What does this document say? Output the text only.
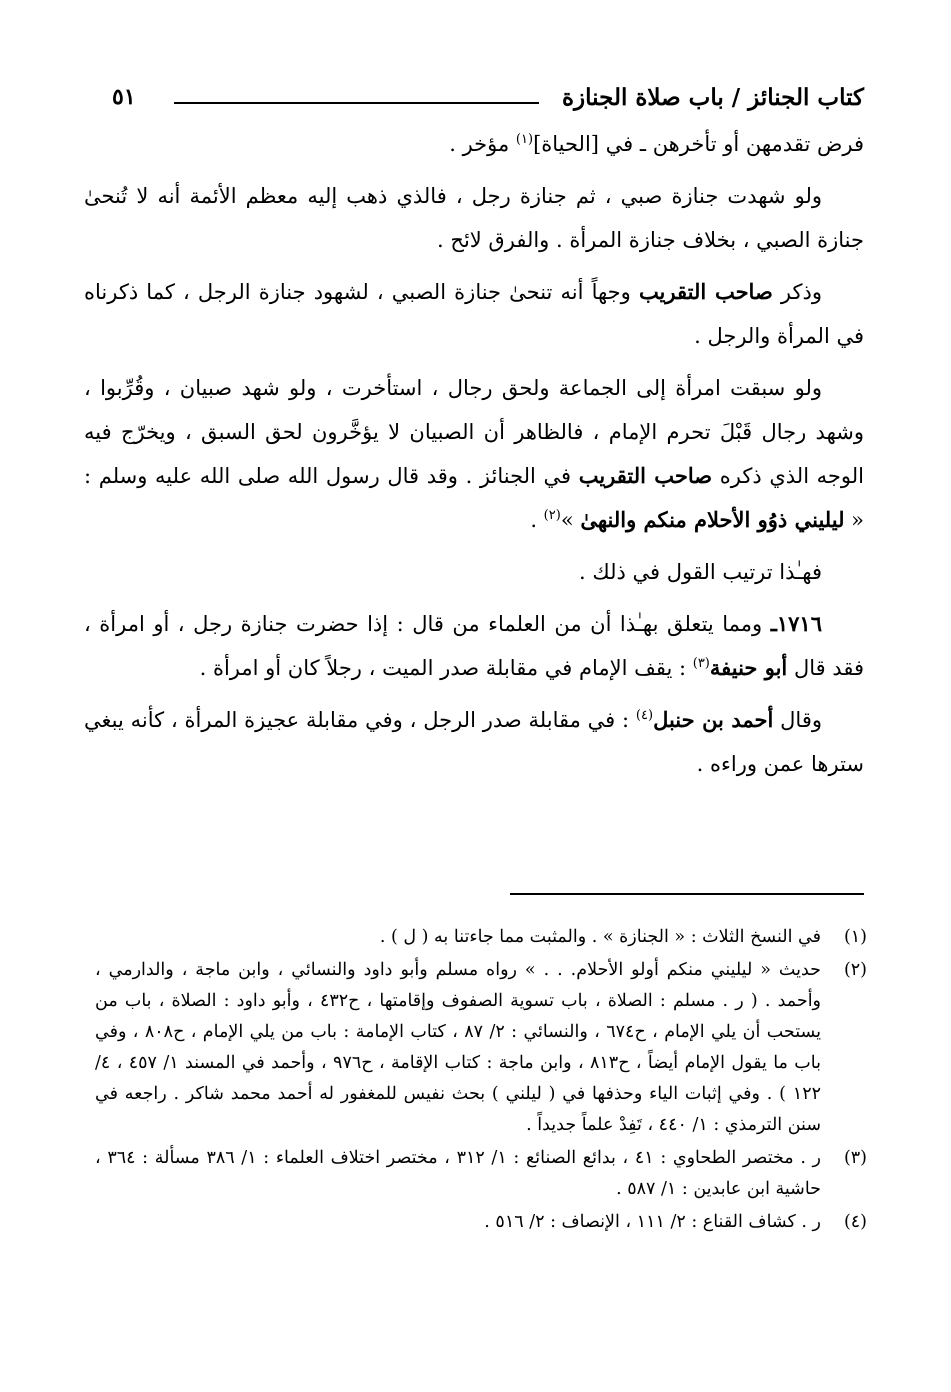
كتاب الجنائز / باب صلاة الجنازة
٥١

فرض تقدمهن أو تأخرهن ـ في [الحياة]$^{(١)}$ مؤخر .

ولو شهدت جنازة صبي ، ثم جنازة رجل ، فالذي ذهب إليه معظم الأئمة أنه لا تُنحىٰ جنازة الصبي ، بخلاف جنازة المرأة . والفرق لائح .

وذكر صاحب التقريب وجهاً أنه تنحىٰ جنازة الصبي ، لشهود جنازة الرجل ، كما ذكرناه في المرأة والرجل .

ولو سبقت امرأة إلى الجماعة ولحق رجال ، استأخرت ، ولو شهد صبيان ، وقُرِّبوا ، وشهد رجال قَبْلَ تحرم الإمام ، فالظاهر أن الصبيان لا يؤخَّرون لحق السبق ، ويخرّج فيه الوجه الذي ذكره صاحب التقريب في الجنائز . وقد قال رسول الله صلى الله عليه وسلم : « ليليني ذوُو الأحلام منكم والنهىٰ »$^{(٢)}$ .

فهـٰذا ترتيب القول في ذلك .

١٧١٦ـ ومما يتعلق بهـٰذا أن من العلماء من قال : إذا حضرت جنازة رجل ، أو امرأة ، فقد قال أبو حنيفة$^{(٣)}$ : يقف الإمام في مقابلة صدر الميت ، رجلاً كان أو امرأة .

وقال أحمد بن حنبل$^{(٤)}$ : في مقابلة صدر الرجل ، وفي مقابلة عجيزة المرأة ، كأنه يبغي سترها عمن وراءه .

(١)
في النسخ الثلاث : « الجنازة » . والمثبت مما جاءتنا به ( ل ) .
(٢)
حديث « ليليني منكم أولو الأحلام. . . » رواه مسلم وأبو داود والنسائي ، وابن ماجة ، والدارمي ، وأحمد . ( ر . مسلم : الصلاة ، باب تسوية الصفوف وإقامتها ، ح٤٣٢ ، وأبو داود : الصلاة ، باب من يستحب أن يلي الإمام ، ح٦٧٤ ، والنسائي : ٢/ ٨٧ ، كتاب الإمامة : باب من يلي الإمام ، ح٨٠٨ ، وفي باب ما يقول الإمام أيضاً ، ح٨١٣ ، وابن ماجة : كتاب الإقامة ، ح٩٧٦ ، وأحمد في المسند ١/ ٤٥٧ ، ٤/ ١٢٢ ) . وفي إثبات الياء وحذفها في ( ليلني ) بحث نفيس للمغفور له أحمد محمد شاكر . راجعه في سنن الترمذي : ١/ ٤٤٠ ، تَفِدْ علماً جديداً .
(٣)
ر . مختصر الطحاوي : ٤١ ، بدائع الصنائع : ١/ ٣١٢ ، مختصر اختلاف العلماء : ١/ ٣٨٦ مسألة : ٣٦٤ ، حاشية ابن عابدين : ١/ ٥٨٧ .
(٤)
ر . كشاف القناع : ٢/ ١١١ ، الإنصاف : ٢/ ٥١٦ .
